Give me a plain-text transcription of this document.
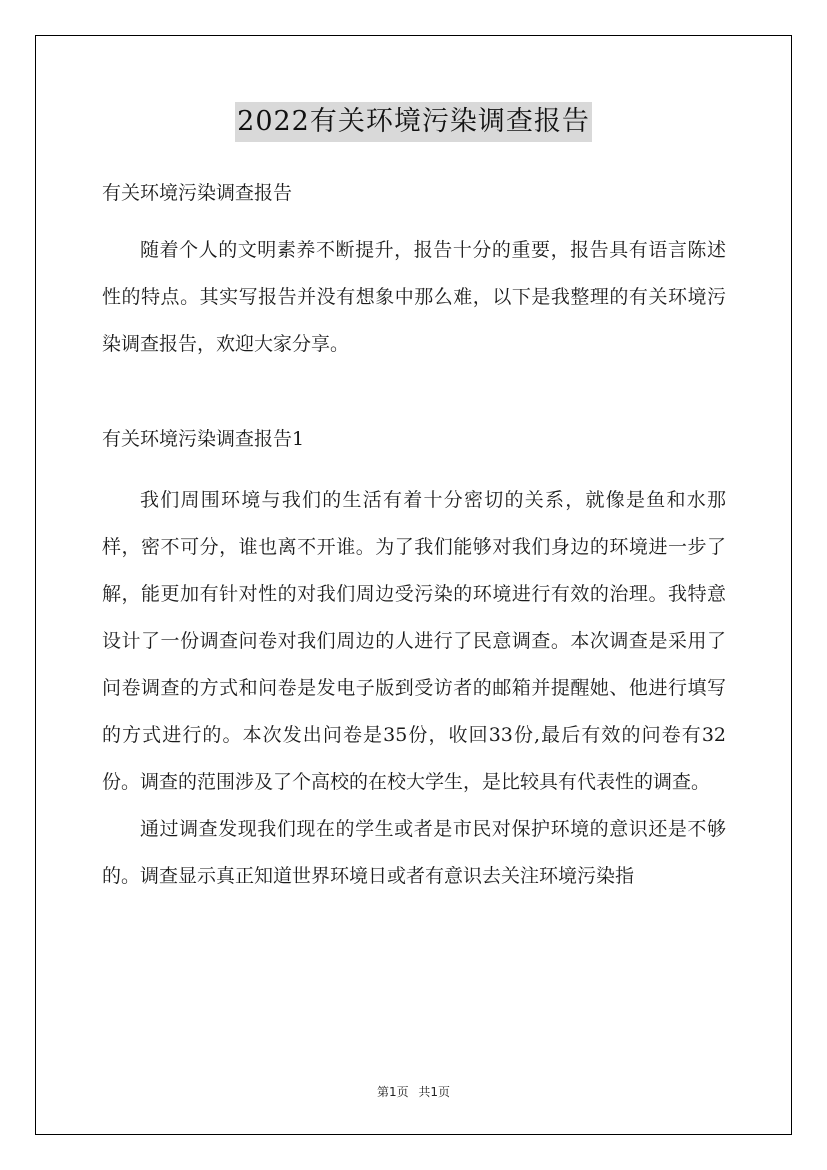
2022有关环境污染调查报告

有关环境污染调查报告

随着个人的文明素养不断提升，报告十分的重要，报告具有语言陈述性的特点。其实写报告并没有想象中那么难，以下是我整理的有关环境污染调查报告，欢迎大家分享。

有关环境污染调查报告1

我们周围环境与我们的生活有着十分密切的关系，就像是鱼和水那样，密不可分，谁也离不开谁。为了我们能够对我们身边的环境进一步了解，能更加有针对性的对我们周边受污染的环境进行有效的治理。我特意设计了一份调查问卷对我们周边的人进行了民意调查。本次调查是采用了问卷调查的方式和问卷是发电子版到受访者的邮箱并提醒她、他进行填写的方式进行的。本次发出问卷是35份，收回33份,最后有效的问卷有32份。调查的范围涉及了个高校的在校大学生，是比较具有代表性的调查。

通过调查发现我们现在的学生或者是市民对保护环境的意识还是不够的。调查显示真正知道世界环境日或者有意识去关注环境污染指

第1页 共1页
